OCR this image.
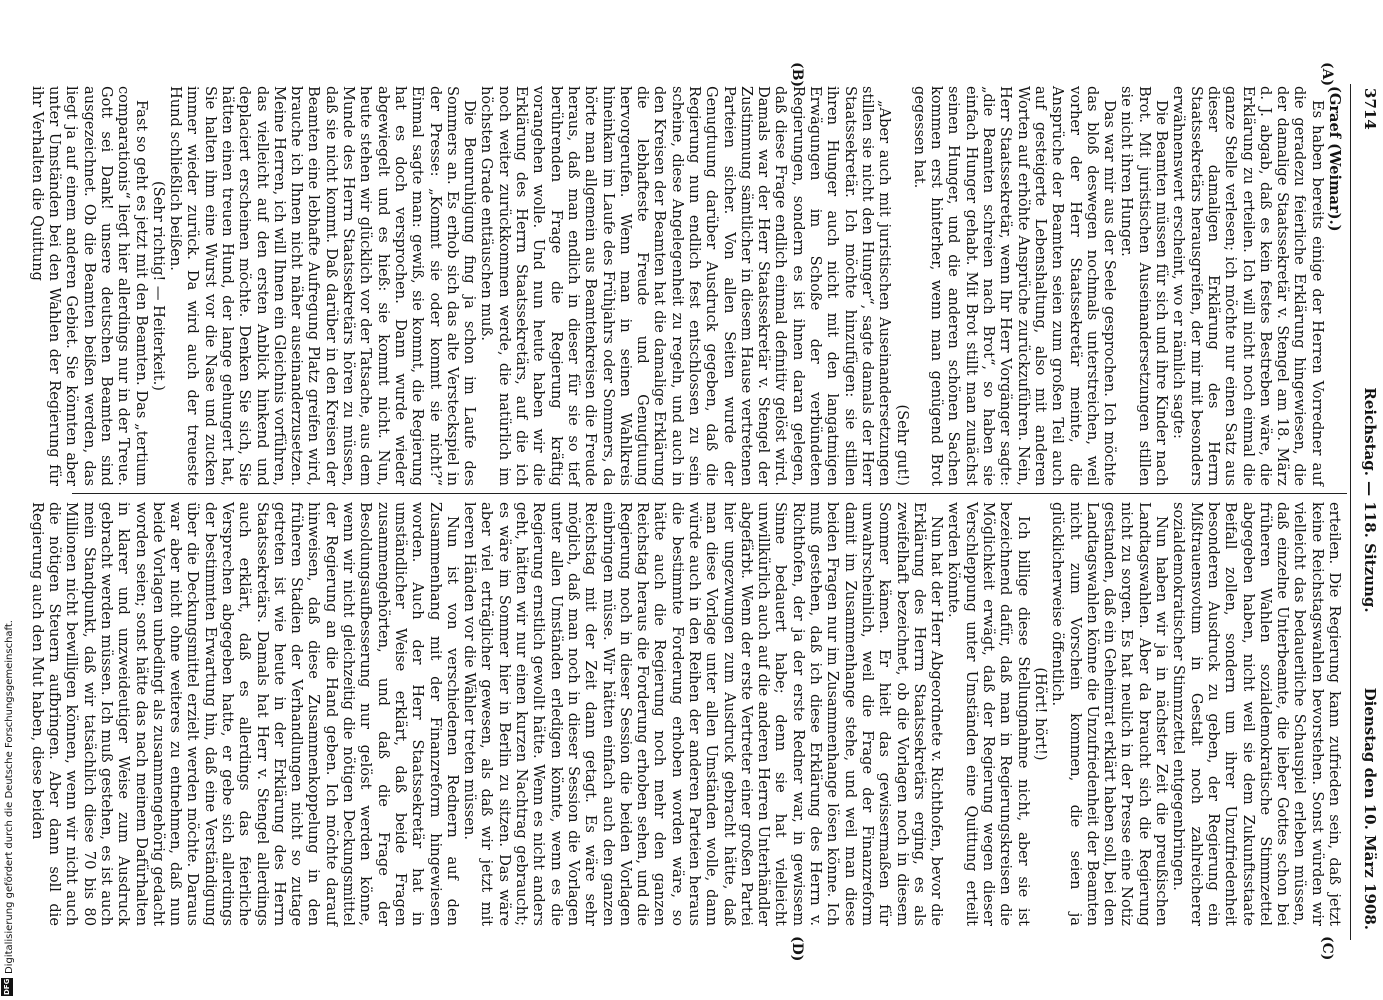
3714
Reichstag. — 118. Sitzung.
Dienstag den 10. März 1908.
(A)
(B)
(C)
(D)

(Graef (Weimar).)

Es haben bereits einige der Herren Vorredner auf die geradezu feierliche Erklärung hingewiesen, die der damalige Staatssekretär v. Stengel am 18. März d. J. abgab, daß es kein festes Bestreben wäre, die Erklärung zu erteilen. Ich will nicht noch einmal die ganze Stelle verlesen; ich möchte nur einen Satz aus dieser damaligen Erklärung des Herrn Staatssekretärs herausgreifen, der mir mit besonders erwähnenswert erscheint, wo er nämlich sagte:

Die Beamten müssen für sich und ihre Kinder nach Brot. Mit juristischen Auseinandersetzungen stillen sie nicht ihren Hunger.

Das war mir aus der Seele gesprochen. Ich möchte das bloß deswegen nochmals unterstreichen, weil vorher der Herr Staatssekretär meinte, die Ansprüche der Beamten seien zum großen Teil auch auf gesteigerte Lebenshaltung, also mit anderen Worten auf erhöhte Ansprüche zurückzuführen. Nein, Herr Staatssekretär, wenn Ihr Herr Vorgänger sagte: „die Beamten schreien nach Brot“, so haben sie einfach Hunger gehabt. Mit Brot stillt man zunächst seinen Hunger, und die anderen schönen Sachen kommen erst hinterher, wenn man genügend Brot gegessen hat.

(Sehr gut!)

„Aber auch mit juristischen Auseinandersetzungen stillen sie nicht den Hunger“, sagte damals der Herr Staatssekretär. Ich möchte hinzufügen: sie stillen ihren Hunger auch nicht mit den langatmigen Erwägungen im Schoße der verbündeten Regierungen, sondern es ist ihnen daran gelegen, daß diese Frage endlich einmal definitiv gelöst wird. Damals war der Herr Staatssekretär v. Stengel der Zustimmung sämtlicher in diesem Hause vertretenen Parteien sicher. Von allen Seiten wurde der Genugtuung darüber Ausdruck gegeben, daß die Regierung nun endlich fest entschlossen zu sein scheine, diese Angelegenheit zu regeln, und auch in den Kreisen der Beamten hat die damalige Erklärung die lebhafteste Freude und Genugtuung hervorgerufen. Wenn man in seinen Wahlkreis hineinkam im Laufe des Frühjahrs oder Sommers, da hörte man allgemein aus Beamtenkreisen die Freude heraus, daß man endlich in dieser für sie so tief berührenden Frage die Regierung kräftig vorangehen wolle. Und nun heute haben wir die Erklärung des Herrn Staatssekretärs, auf die ich noch weiter zurückkommen werde, die natürlich im höchsten Grade enttäuschen muß.

Die Beunruhigung fing ja schon im Laufe des Sommers an. Es erhob sich das alte Versteckspiel in der Presse: „Kommt sie oder kommt sie nicht?“ Einmal sagte man: gewiß, sie kommt, die Regierung hat es doch versprochen. Dann wurde wieder abgewiegelt und es hieß: sie kommt nicht. Nun, heute stehen wir glücklich vor der Tatsache, aus dem Munde des Herrn Staatssekretärs hören zu müssen, daß sie nicht kommt. Daß darüber in den Kreisen der Beamten eine lebhafte Aufregung Platz greifen wird, brauche ich Ihnen nicht näher auseinanderzusetzen. Meine Herren, ich will Ihnen ein Gleichnis vorführen, das vielleicht auf den ersten Anblick hinkend und deplaciert erscheinen möchte. Denken Sie sich, Sie hätten einen treuen Hund, der lange gehungert hat, Sie halten ihm eine Wurst vor die Nase und zucken immer wieder zurück. Da wird auch der treueste Hund schließlich beißen.

(Sehr richtig! — Heiterkeit.)

Fast so geht es jetzt mit den Beamten. Das „tertium comparationis“ liegt hier allerdings nur in der Treue. Gott sei Dank! unsere deutschen Beamten sind ausgezeichnet. Ob die Beamten beißen werden, das liegt ja auf einem anderen Gebiet. Sie könnten aber unter Umständen bei den Wahlen der Regierung für ihr Verhalten die Quittung

erteilen. Die Regierung kann zufrieden sein, daß jetzt keine Reichstagswahlen bevorstehen. Sonst würden wir vielleicht das bedauerliche Schauspiel erleben müssen, daß einzelne Unterbeamte, die lieber Gottes schon bei früheren Wahlen sozialdemokratische Stimmzettel abgegeben haben, nicht weil sie dem Zukunftsstaate Beifall zollen, sondern um ihrer Unzufriedenheit besonderen Ausdruck zu geben, der Regierung ein Mißtrauensvotum in Gestalt noch zahlreicherer sozialdemokratischer Stimmzettel entgegenbringen.

Nun haben wir ja in nächster Zeit die preußischen Landtagswahlen. Aber da braucht sich die Regierung nicht zu sorgen. Es hat neulich in der Presse eine Notiz gestanden, daß ein Geheimrat erklärt haben soll, bei den Landtagswahlen könne die Unzufriedenheit der Beamten nicht zum Vorschein kommen, die seien ja glücklicherweise öffentlich.

(Hört! hört!)

Ich billige diese Stellungnahme nicht, aber sie ist bezeichnend dafür, daß man in Regierungskreisen die Möglichkeit erwägt, daß der Regierung wegen dieser Verschleppung unter Umständen eine Quittung erteilt werden könnte.

Nun hat der Herr Abgeordnete v. Richthofen, bevor die Erklärung des Herrn Staatssekretärs erging, es als zweifelhaft bezeichnet, ob die Vorlagen noch in diesem Sommer kämen. Er hielt das gewissermaßen für unwahrscheinlich, weil die Frage der Finanzreform damit im Zusammenhange stehe, und weil man diese beiden Fragen nur im Zusammenhange lösen könne. Ich muß gestehen, daß ich diese Erklärung des Herrn v. Richthofen, der ja der erste Redner war, in gewissem Sinne bedauert habe; denn sie hat vielleicht unwillkürlich auch auf die anderen Herren Unterhändler abgefärbt. Wenn der erste Vertreter einer großen Partei hier ungezwungen zum Ausdruck gebracht hätte, daß man diese Vorlage unter allen Umständen wolle, dann würde auch in den Reihen der anderen Parteien heraus die bestimmte Forderung erhoben worden wäre, so hätte auch die Regierung noch mehr den ganzen Reichstag heraus die Forderung erhoben sehen, und die Regierung noch in dieser Session die beiden Vorlagen einbringen müsse. Wir hätten einfach auch den ganzen Reichstag mit der Zeit dann getagt. Es wäre sehr möglich, daß man noch in dieser Session die Vorlagen unter allen Umständen erledigen könnte, wenn es die Regierung ernstlich gewollt hätte. Wenn es nicht anders geht, hätten wir nur einen kurzen Nachtrag gebraucht; es wäre im Sommer hier in Berlin zu sitzen. Das wäre aber viel erträglicher gewesen, als daß wir jetzt mit leeren Händen vor die Wähler treten müssen.

Nun ist von verschiedenen Rednern auf den Zusammenhang mit der Finanzreform hingewiesen worden. Auch der Herr Staatssekretär hat in umständlicher Weise erklärt, daß beide Fragen zusammengehörten, und daß die Frage der Besoldungsaufbesserung nur gelöst werden könne, wenn wir nicht gleichzeitig die nötigen Deckungsmittel der Regierung an die Hand geben. Ich möchte darauf hinweisen, daß diese Zusammenkoppelung in den früheren Stadien der Verhandlungen nicht so zutage getreten ist wie heute in der Erklärung des Herrn Staatssekretärs. Damals hat Herr v. Stengel allerdings auch erklärt, daß es allerdings das feierliche Versprechen abgegeben hatte, er gebe sich allerdings der bestimmten Erwartung hin, daß eine Verständigung über die Deckungsmittel erzielt werden möchte. Daraus war aber nicht ohne weiteres zu entnehmen, daß nun beide Vorlagen unbedingt als zusammengehörig gedacht worden seien; sonst hätte das nach meinem Dafürhalten in klarer und unzweideutiger Weise zum Ausdruck gebracht werden müssen. Ich muß gestehen, es ist auch mein Standpunkt, daß wir tatsächlich diese 70 bis 80 Millionen nicht bewilligen können, wenn wir nicht auch die nötigen Steuern aufbringen. Aber dann soll die Regierung auch den Mut haben, diese beiden

Digitalisierung gefördert durch die Deutsche Forschungsgemeinschaft.
DFG
